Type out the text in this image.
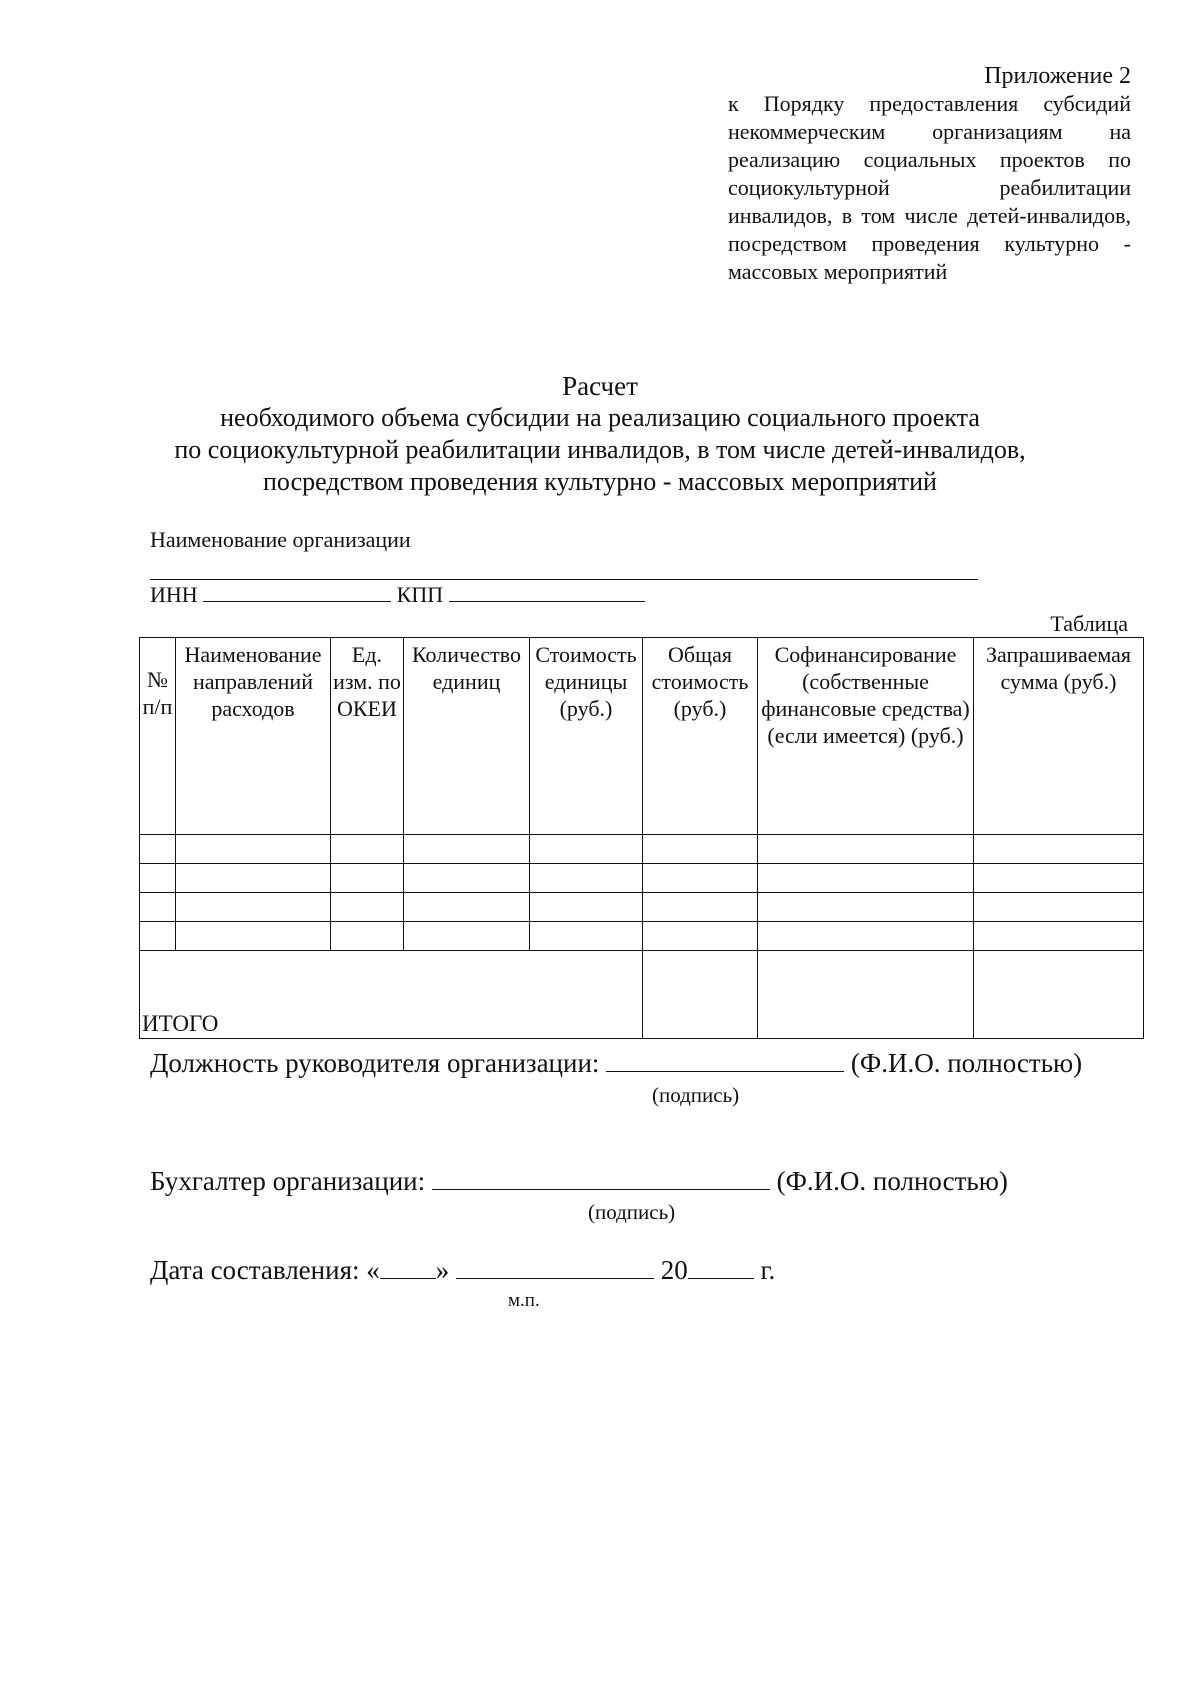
Приложение 2
к Порядку предоставления субсидий некоммерческим организациям на реализацию социальных проектов по социокультурной реабилитации инвалидов, в том числе детей-инвалидов, посредством проведения культурно - массовых мероприятий
Расчет
необходимого объема субсидии на реализацию социального проекта
по социокультурной реабилитации инвалидов, в том числе детей-инвалидов,
посредством проведения культурно - массовых мероприятий
Наименование организации
ИНН	КПП
Таблица
№ п/п	Наименование направлений расходов	Ед. изм. по ОКЕИ	Количество единиц	Стоимость единицы (руб.)	Общая стоимость (руб.)	Софинансирование (собственные финансовые средства) (если имеется) (руб.)	Запрашиваемая сумма (руб.)

ИТОГО							
Должность руководителя организации:	(Ф.И.О. полностью)
(подпись)
Бухгалтер организации:	(Ф.И.О. полностью)
(подпись)
Дата составления: « »	20	г.
м.п.
